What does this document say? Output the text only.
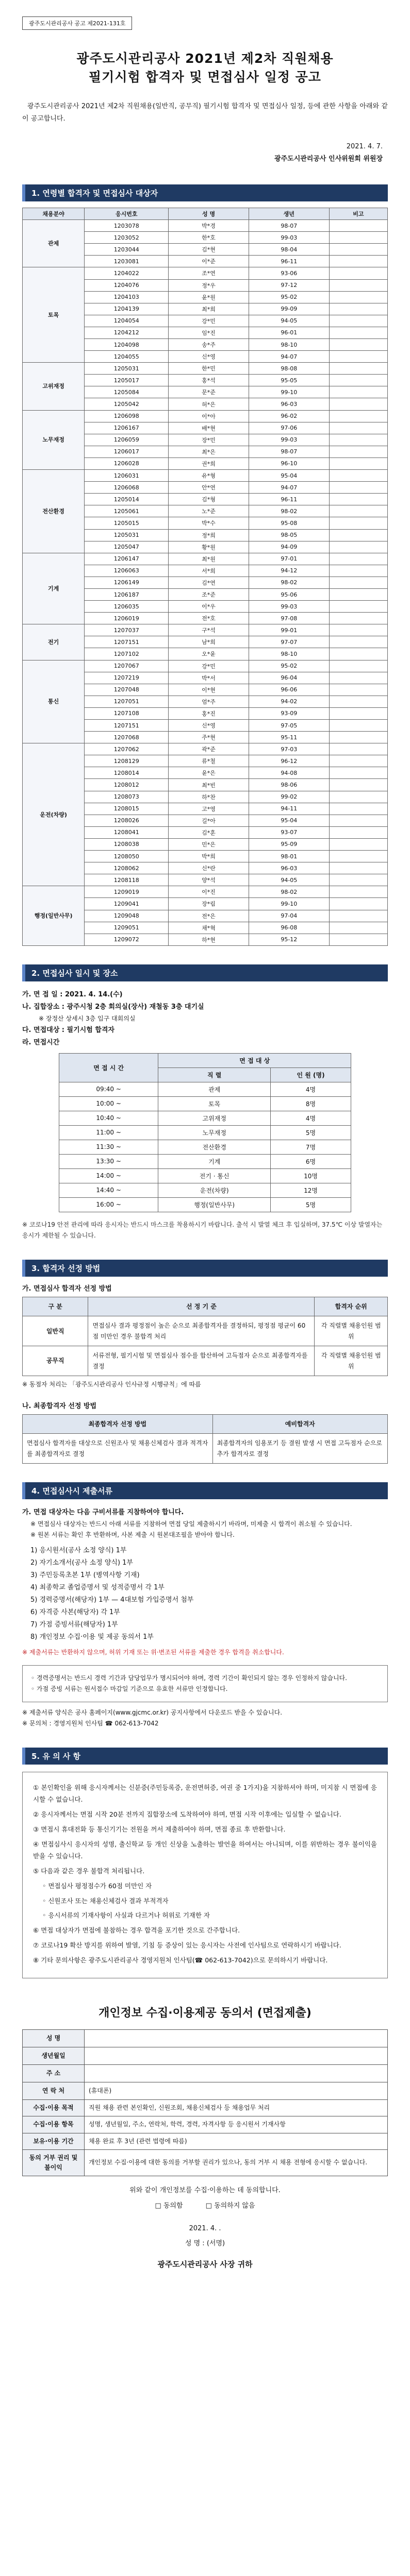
광주도시관리공사 공고 제2021-131호
광주도시관리공사 2021년 제2차 직원채용
필기시험 합격자 및 면접심사 일정 공고

광주도시관리공사 2021년 제2차 직원채용(일반직, 공무직) 필기시험 합격자 및 면접심사 일정, 등에 관한 사항을 아래와 같이 공고합니다.

2021. 4. 7.
광주도시관리공사 인사위원회 위원장
1. 연령별 합격자 및 면접심사 대상자
채용분야	응시번호	성 명	생년	비고
관제	1203078	박*경	98-07	
	1203052	한*호	99-03	
	1203044	김*현	98-04	
	1203081	이*준	96-11	
토목	1204022	조*연	93-06	
	1204076	정*우	97-12	
	1204103	윤*원	95-02	
	1204139	최*희	99-09	
	1204054	강*민	94-05	
	1204212	임*진	96-01	
	1204098	송*주	98-10	
	1204055	신*영	94-07	
고위재정	1205031	한*민	98-08	
	1205017	홍*석	95-05	
	1205084	문*준	99-10	
	1205042	허*은	96-03	
노무재정	1206098	이*아	96-02	
	1206167	배*현	97-06	
	1206059	장*민	99-03	
	1206017	최*은	98-07	
	1206028	권*희	96-10	
전산환경	1206031	유*형	95-04	
	1206068	안*연	94-07	
	1205014	김*형	96-11	
	1205061	노*준	98-02	
	1205015	박*수	95-08	
	1205031	정*희	98-05	
	1205047	황*원	94-09	
기계	1206147	최*원	97-01	
	1206063	서*희	94-12	
	1206149	김*연	98-02	
	1206187	조*준	95-06	
	1206035	이*우	99-03	
	1206019	전*호	97-08	
전기	1207037	구*석	99-01	
	1207151	남*희	97-07	
	1207102	오*윤	98-10	
통신	1207067	강*민	95-02	
	1207219	박*서	96-04	
	1207048	이*현	96-06	
	1207051	엄*주	94-02	
	1207108	홍*진	93-09	
	1207151	신*영	97-05	
	1207068	주*현	95-11	
운전(차량)	1207062	곽*준	97-03	
	1208129	류*철	96-12	
	1208014	윤*은	94-08	
	1208012	최*빈	98-06	
	1208073	하*찬	99-02	
	1208015	고*영	94-11	
	1208026	길*아	95-04	
	1208041	김*훈	93-07	
	1208038	민*은	95-09	
	1208050	박*희	98-01	
	1208062	신*란	96-03	
	1208118	양*석	94-05	
행정(일반사무)	1209019	이*진	98-02	
	1209041	장*림	99-10	
	1209048	전*은	97-04	
	1209051	채*혁	96-08	
	1209072	하*현	95-12	
2. 면접심사 일시 및 장소
가. 면 접 일 : 2021. 4. 14.(수)
나. 집합장소 : 광주시청 2층 회의실(장사) 재철동 3층 대기실
※ 장정산 상세시 3층 입구 대회의실
다. 면접대상 : 필기시험 합격자
라. 면접시간
면 접 시 간	면 접 대 상	
	직 렬	인 원 (명)
09:40 ~	관제	4명
10:00 ~	토목	8명
10:40 ~	고위재정	4명
11:00 ~	노무재정	5명
11:30 ~	전산환경	7명
13:30 ~	기계	6명
14:00 ~	전기 · 통신	10명
14:40 ~	운전(차량)	12명
16:00 ~	행정(일반사무)	5명
※ 코로나19 안전 관리에 따라 응시자는 반드시 마스크를 착용하시기 바랍니다. 출석 시 발열 체크 후 입실하며, 37.5℃ 이상 발열자는 응시가 제한될 수 있습니다.
3. 합격자 선정 방법
가. 면접심사 합격자 선정 방법
구 분	선 정 기 준	합격자 순위
일반직	면접심사 결과 평정점이 높은 순으로 최종합격자를 결정하되, 평정점 평균이 60점 미만인 경우 불합격 처리	각 직렬별 채용인원 범위
공무직	서류전형, 필기시험 및 면접심사 점수를 합산하여 고득점자 순으로 최종합격자를 결정	각 직렬별 채용인원 범위
※ 동점자 처리는 「광주도시관리공사 인사규정 시행규칙」에 따름
나. 최종합격자 선정 방법
최종합격자 선정 방법	예비합격자
면접심사 합격자를 대상으로 신원조사 및 채용신체검사 결과 적격자를 최종합격자로 결정	최종합격자의 임용포기 등 결원 발생 시 면접 고득점자 순으로 추가 합격자로 결정
4. 면접심사시 제출서류
가. 면접 대상자는 다음 구비서류를 지참하여야 합니다.
※ 면접심사 대상자는 반드시 아래 서류를 지참하여 면접 당일 제출하시기 바라며, 미제출 시 합격이 취소될 수 있습니다.
※ 원본 서류는 확인 후 반환하며, 사본 제출 시 원본대조필을 받아야 합니다.
1) 응시원서(공사 소정 양식) 1부
2) 자기소개서(공사 소정 양식) 1부
3) 주민등록초본 1부 (병역사항 기재)
4) 최종학교 졸업증명서 및 성적증명서 각 1부
5) 경력증명서(해당자) 1부 — 4대보험 가입증명서 첨부
6) 자격증 사본(해당자) 각 1부
7) 가점 증빙서류(해당자) 1부
8) 개인정보 수집·이용 및 제공 동의서 1부
※ 제출서류는 반환하지 않으며, 허위 기재 또는 위·변조된 서류를 제출한 경우 합격을 취소합니다.
◦ 경력증명서는 반드시 경력 기간과 담당업무가 명시되어야 하며, 경력 기간이 확인되지 않는 경우 인정하지 않습니다.
◦ 가점 증빙 서류는 원서접수 마감일 기준으로 유효한 서류만 인정합니다.
※ 제출서류 양식은 공사 홈페이지(www.gjcmc.or.kr) 공지사항에서 다운로드 받을 수 있습니다.
※ 문의처 : 경영지원처 인사팀 ☎ 062-613-7042
5. 유 의 사 항
① 본인확인을 위해 응시자께서는 신분증(주민등록증, 운전면허증, 여권 중 1가지)을 지참하셔야 하며, 미지참 시 면접에 응시할 수 없습니다.
② 응시자께서는 면접 시작 20분 전까지 집합장소에 도착하여야 하며, 면접 시작 이후에는 입실할 수 없습니다.
③ 면접시 휴대전화 등 통신기기는 전원을 꺼서 제출하여야 하며, 면접 종료 후 반환합니다.
④ 면접심사시 응시자의 성명, 출신학교 등 개인 신상을 노출하는 발언을 하여서는 아니되며, 이를 위반하는 경우 불이익을 받을 수 있습니다.
⑤ 다음과 같은 경우 불합격 처리됩니다.
◦ 면접심사 평정점수가 60점 미만인 자
◦ 신원조사 또는 채용신체검사 결과 부적격자
◦ 응시서류의 기재사항이 사실과 다르거나 허위로 기재한 자
⑥ 면접 대상자가 면접에 불참하는 경우 합격을 포기한 것으로 간주합니다.
⑦ 코로나19 확산 방지를 위하여 발열, 기침 등 증상이 있는 응시자는 사전에 인사팀으로 연락하시기 바랍니다.
⑧ 기타 문의사항은 광주도시관리공사 경영지원처 인사팀(☎ 062-613-7042)으로 문의하시기 바랍니다.
개인정보 수집·이용제공 동의서 (면접제출)
성 명	
생년월일	
주 소	
연 락 처	(휴대폰)
수집·이용 목적	직원 채용 관련 본인확인, 신원조회, 채용신체검사 등 채용업무 처리
수집·이용 항목	성명, 생년월일, 주소, 연락처, 학력, 경력, 자격사항 등 응시원서 기재사항
보유·이용 기간	채용 완료 후 3년 (관련 법령에 따름)
동의 거부 권리 및 불이익	개인정보 수집·이용에 대한 동의를 거부할 권리가 있으나, 동의 거부 시 채용 전형에 응시할 수 없습니다.
위와 같이 개인정보를 수집·이용하는 데 동의합니다.
□ 동의함	□ 동의하지 않음
2021. 4. .
성 명 : (서명)
광주도시관리공사 사장 귀하
